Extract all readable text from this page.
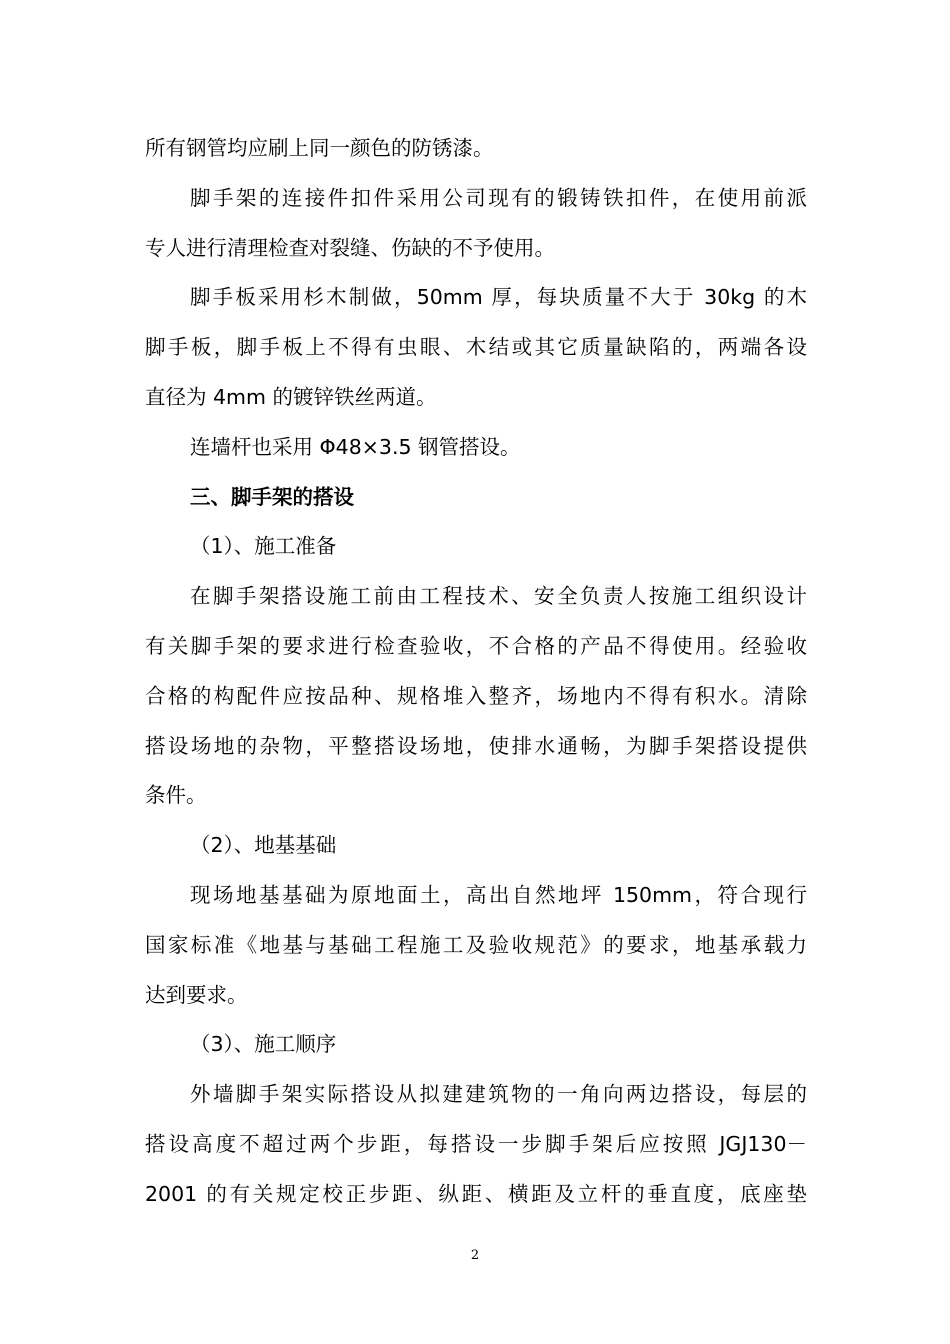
所有钢管均应刷上同一颜色的防锈漆。
脚手架的连接件扣件采用公司现有的锻铸铁扣件，在使用前派
专人进行清理检查对裂缝、伤缺的不予使用。
脚手板采用杉木制做，50mm 厚，每块质量不大于 30kg 的木
脚手板，脚手板上不得有虫眼、木结或其它质量缺陷的，两端各设
直径为 4mm 的镀锌铁丝两道。
连墙杆也采用 Φ48×3.5 钢管搭设。
三、脚手架的搭设
（1）、施工准备
在脚手架搭设施工前由工程技术、安全负责人按施工组织设计
有关脚手架的要求进行检查验收，不合格的产品不得使用。经验收
合格的构配件应按品种、规格堆入整齐，场地内不得有积水。清除
搭设场地的杂物，平整搭设场地，使排水通畅，为脚手架搭设提供
条件。
（2）、地基基础
现场地基基础为原地面土，高出自然地坪 150mm，符合现行
国家标准《地基与基础工程施工及验收规范》的要求，地基承载力
达到要求。
（3）、施工顺序
外墙脚手架实际搭设从拟建建筑物的一角向两边搭设，每层的
搭设高度不超过两个步距，每搭设一步脚手架后应按照 JGJ130－
2001 的有关规定校正步距、纵距、横距及立杆的垂直度，底座垫
2
